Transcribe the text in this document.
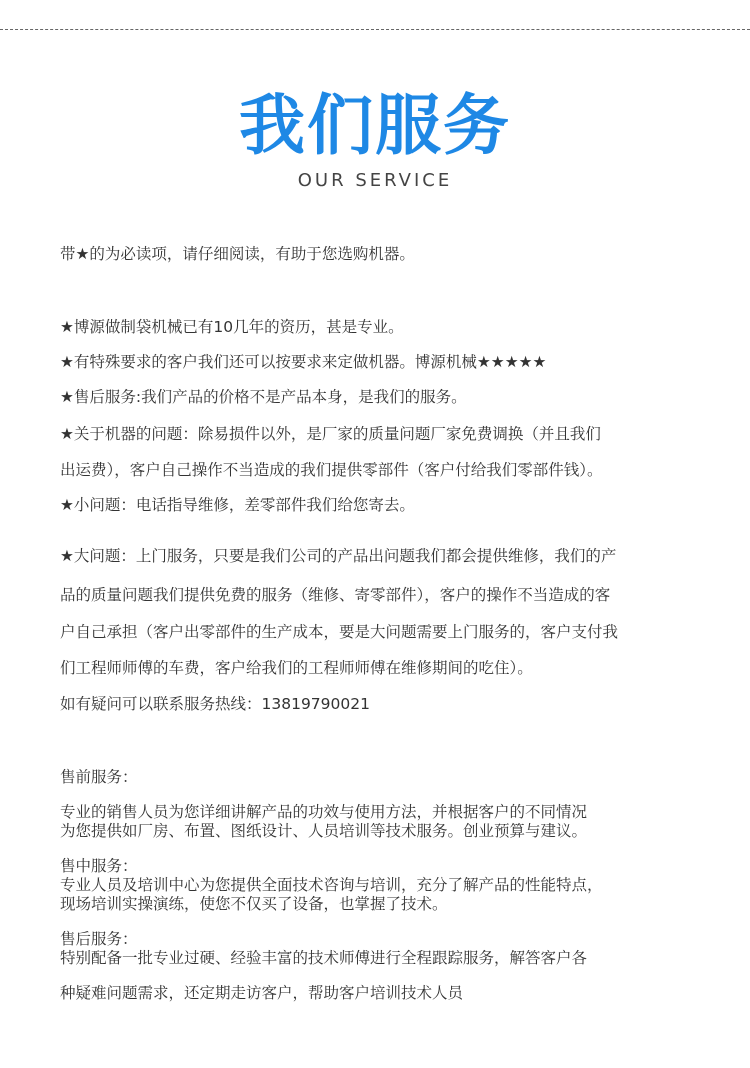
我们服务
OUR SERVICE
带★的为必读项，请仔细阅读，有助于您选购机器。
★博源做制袋机械已有10几年的资历，甚是专业。
★有特殊要求的客户我们还可以按要求来定做机器。博源机械★★★★★
★售后服务:我们产品的价格不是产品本身，是我们的服务。
★关于机器的问题：除易损件以外，是厂家的质量问题厂家免费调换（并且我们
出运费），客户自己操作不当造成的我们提供零部件（客户付给我们零部件钱）。
★小问题：电话指导维修，差零部件我们给您寄去。
★大问题：上门服务，只要是我们公司的产品出问题我们都会提供维修，我们的产
品的质量问题我们提供免费的服务（维修、寄零部件），客户的操作不当造成的客
户自己承担（客户出零部件的生产成本，要是大问题需要上门服务的，客户支付我
们工程师师傅的车费，客户给我们的工程师师傅在维修期间的吃住）。
如有疑问可以联系服务热线：13819790021
售前服务：
专业的销售人员为您详细讲解产品的功效与使用方法，并根据客户的不同情况
为您提供如厂房、布置、图纸设计、人员培训等技术服务。创业预算与建议。
售中服务：
专业人员及培训中心为您提供全面技术咨询与培训，充分了解产品的性能特点，
现场培训实操演练，使您不仅买了设备，也掌握了技术。
售后服务：
特别配备一批专业过硬、经验丰富的技术师傅进行全程跟踪服务，解答客户各
种疑难问题需求，还定期走访客户，帮助客户培训技术人员
